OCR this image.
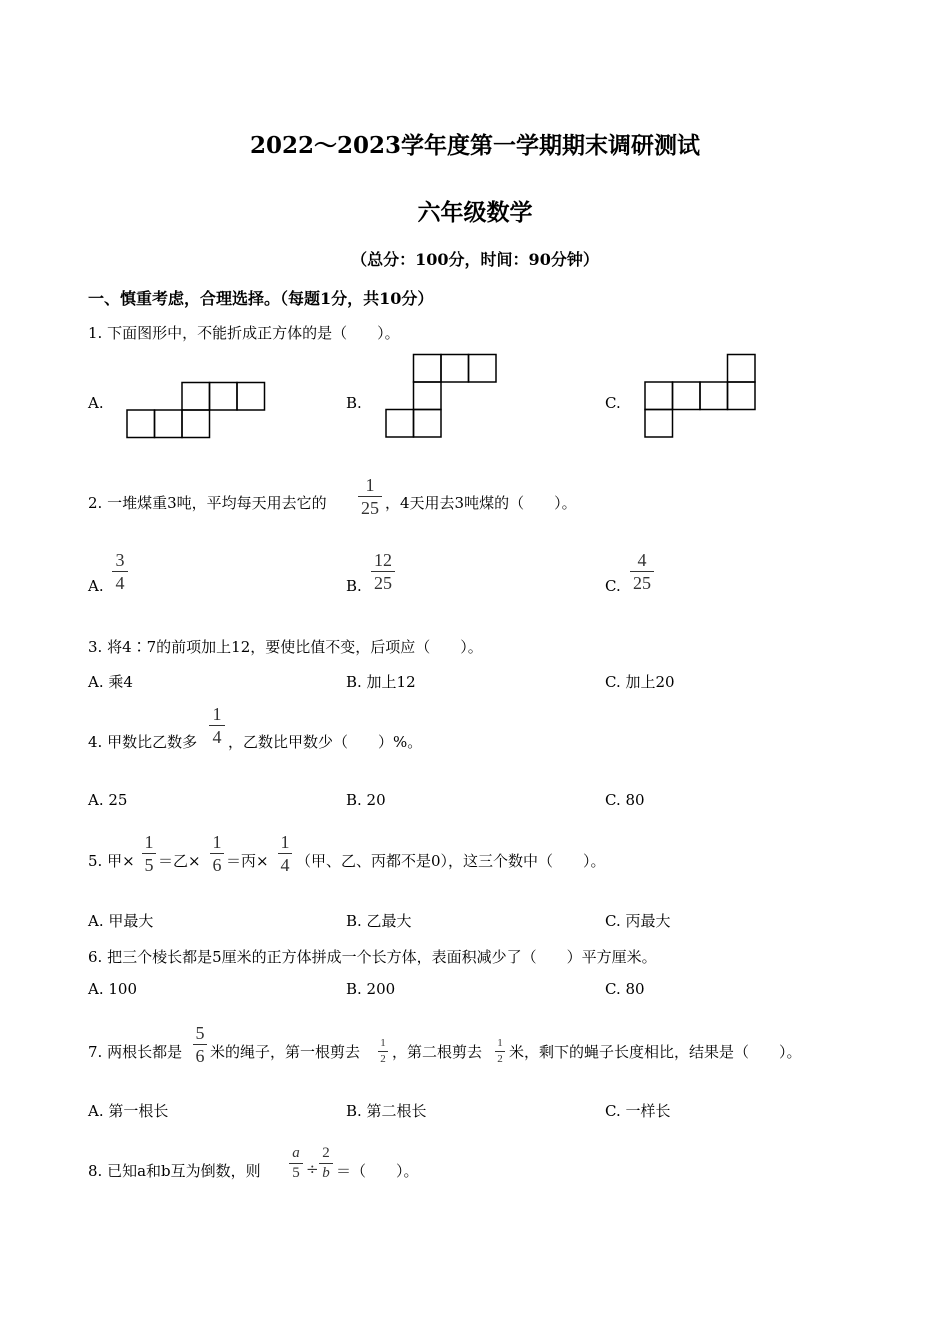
2022～2023学年度第一学期期末调研测试
六年级数学
（总分：100分，时间：90分钟）
一、慎重考虑，合理选择。（每题1分，共10分）
1. 下面图形中，不能折成正方体的是（　　）。
A.	B.	C.
2. 一堆煤重3吨，平均每天用去它的
1
25 ，4天用去3吨煤的（　　）。
A.
3
4	B.
12
25	C.
4
25
3. 将4∶7的前项加上12，要使比值不变，后项应（　　）。
A. 乘4	B. 加上12	C. 加上20
4. 甲数比乙数多
1
4 ，乙数比甲数少（　　）%。
A. 25	B. 20	C. 80
5. 甲×
1
5 ＝乙×
1
6 ＝丙×
1
4 （甲、乙、丙都不是0），这三个数中（　　）。
A. 甲最大	B. 乙最大	C. 丙最大
6. 把三个棱长都是5厘米的正方体拼成一个长方体，表面积减少了（　　）平方厘米。
A. 100	B. 200	C. 80
7. 两根长都是
5
6 米的绳子，第一根剪去 1
2 ，第二根剪去 1
2 米，剩下的蝇子长度相比，结果是（　　）。
A. 第一根长	B. 第二根长	C. 一样长
8. 已知a和b互为倒数，则
a
5 ÷
2
b ＝（　　）。
